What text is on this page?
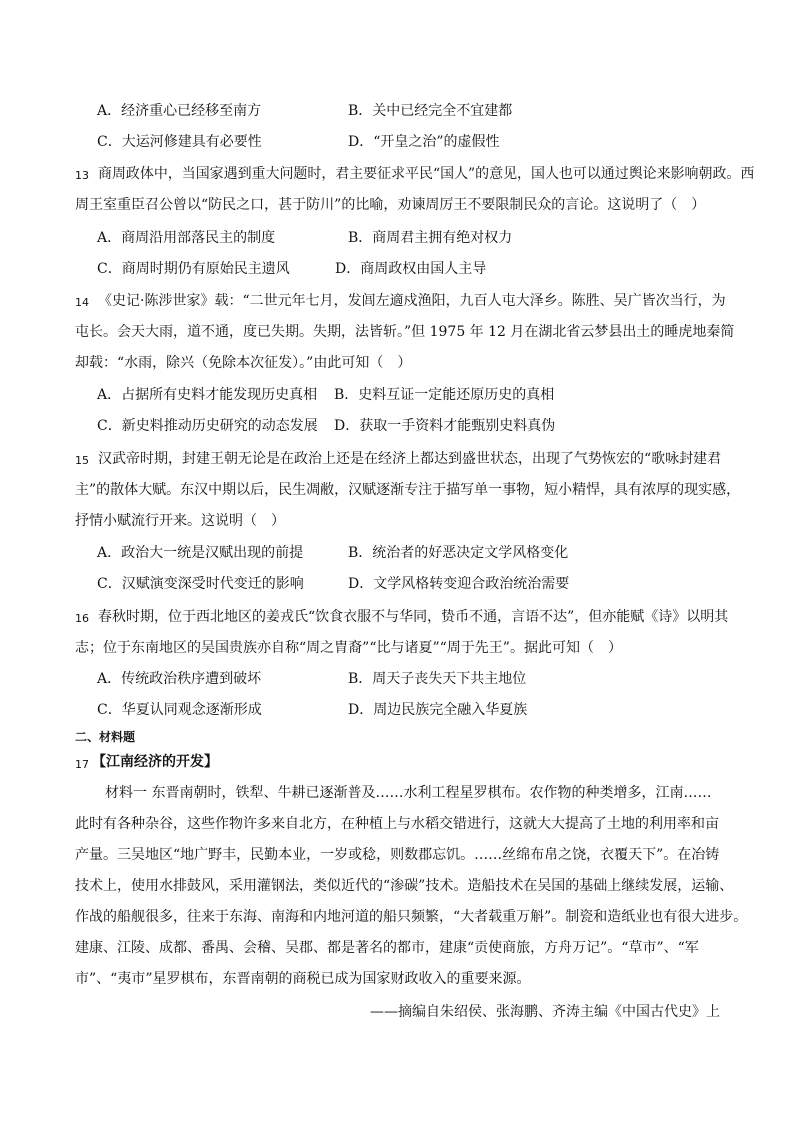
A．经济重心已经移至南方	B．关中已经完全不宜建都
C．大运河修建具有必要性	D．“开皇之治”的虚假性
13 商周政体中，当国家遇到重大问题时，君主要征求平民“国人”的意见，国人也可以通过舆论来影响朝政。西
周王室重臣召公曾以“防民之口，甚于防川”的比喻，劝谏周厉王不要限制民众的言论。这说明了（　）
A．商周沿用部落民主的制度	B．商周君主拥有绝对权力
C．商周时期仍有原始民主遗风	D．商周政权由国人主导
14 《史记·陈涉世家》载：“二世元年七月，发闾左適戍渔阳，九百人屯大泽乡。陈胜、吴广皆次当行，为
屯长。会天大雨，道不通，度已失期。失期，法皆斩。”但 1975 年 12 月在湖北省云梦县出土的睡虎地秦简
却载：“水雨，除兴（免除本次征发）。”由此可知（　）
A．占据所有史料才能发现历史真相 B．史料互证一定能还原历史的真相
C．新史料推动历史研究的动态发展 D．获取一手资料才能甄别史料真伪
15 汉武帝时期，封建王朝无论是在政治上还是在经济上都达到盛世状态，出现了气势恢宏的“歌咏封建君
主”的散体大赋。东汉中期以后，民生凋敝，汉赋逐渐专注于描写单一事物，短小精悍，具有浓厚的现实感，
抒情小赋流行开来。这说明（　）
A．政治大一统是汉赋出现的前提	B．统治者的好恶决定文学风格变化
C．汉赋演变深受时代变迁的影响	D．文学风格转变迎合政治统治需要
16 春秋时期，位于西北地区的姜戎氏“饮食衣服不与华同，贽币不通，言语不达”，但亦能赋《诗》以明其
志；位于东南地区的吴国贵族亦自称“周之胄裔”“比与诸夏”“周于先王”。据此可知（　）
A．传统政治秩序遭到破坏	B．周天子丧失天下共主地位
C．华夏认同观念逐渐形成	D．周边民族完全融入华夏族
二、材料题
17 【江南经济的开发】
材料一 东晋南朝时，铁犁、牛耕已逐渐普及……水利工程星罗棋布。农作物的种类增多，江南……
此时有各种杂谷，这些作物许多来自北方，在种植上与水稻交错进行，这就大大提高了土地的利用率和亩
产量。三吴地区“地广野丰，民勤本业，一岁或稔，则数郡忘饥。……丝绵布帛之饶，衣覆天下”。在冶铸
技术上，使用水排鼓风，采用灌钢法，类似近代的“渗碳”技术。造船技术在吴国的基础上继续发展，运输、
作战的船舰很多，往来于东海、南海和内地河道的船只频繁，“大者载重万斛”。制瓷和造纸业也有很大进步。
建康、江陵、成都、番禺、会稽、吴郡、都是著名的都市，建康“贡使商旅，方舟万记”。“草市”、“军
市”、“夷市”星罗棋布，东晋南朝的商税已成为国家财政收入的重要来源。
——摘编自朱绍侯、张海鹏、齐涛主编《中国古代史》上
